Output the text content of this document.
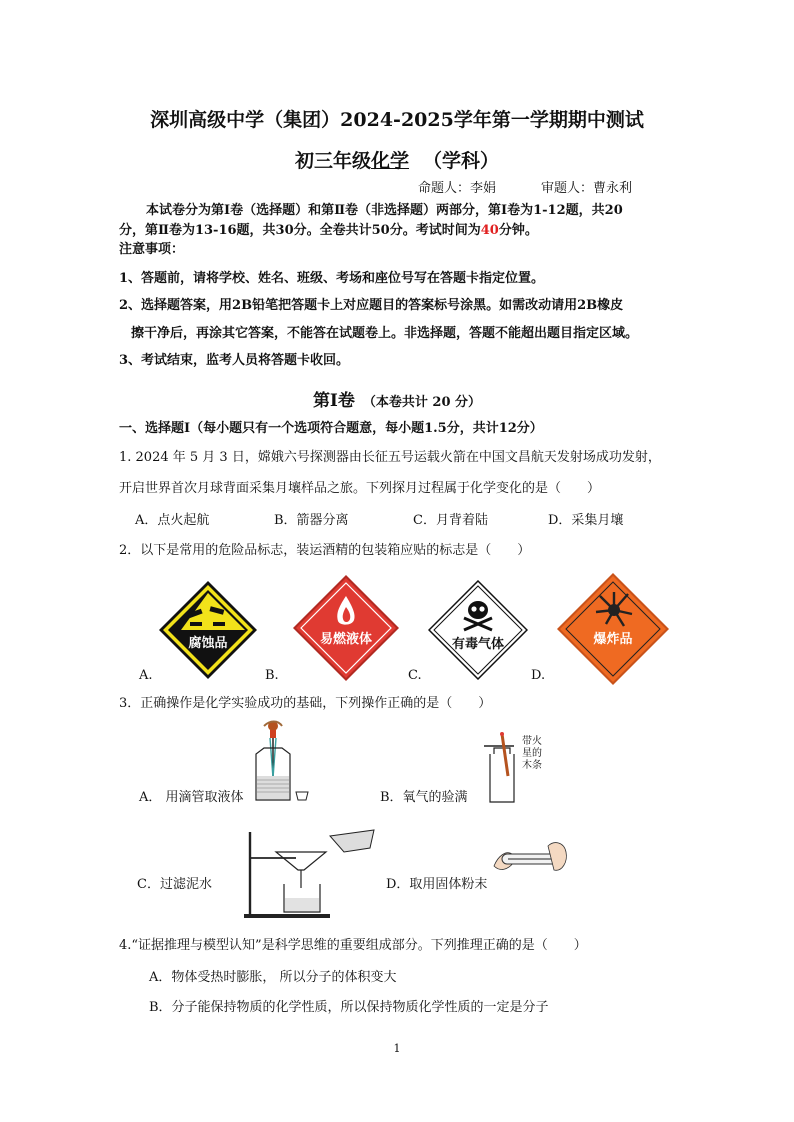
深圳高级中学（集团）2024-2025学年第一学期期中测试
初三年级化学 （学科）
命题人：李娟	审题人：曹永利
本试卷分为第Ⅰ卷（选择题）和第Ⅱ卷（非选择题）两部分，第Ⅰ卷为1-12题，共20
分，第Ⅱ卷为13-16题，共30分。全卷共计50分。考试时间为40分钟。
注意事项：
1、答题前，请将学校、姓名、班级、考场和座位号写在答题卡指定位置。
2、选择题答案，用2B铅笔把答题卡上对应题目的答案标号涂黑。如需改动请用2B橡皮
擦干净后，再涂其它答案，不能答在试题卷上。非选择题，答题不能超出题目指定区域。
3、考试结束，监考人员将答题卡收回。
第Ⅰ卷 （本卷共计 20 分）
一、选择题Ⅰ（每小题只有一个选项符合题意，每小题1.5分，共计12分）
1. 2024 年 5 月 3 日，嫦娥六号探测器由长征五号运载火箭在中国文昌航天发射场成功发射，
开启世界首次月球背面采集月壤样品之旅。下列探月过程属于化学变化的是（　　）
A．点火起航	B．箭器分离	C．月背着陆	D．采集月壤
2．以下是常用的危险品标志，装运酒精的包装箱应贴的标志是（　　）
腐蚀品	易燃液体	有毒气体	爆炸品
A.	B.	C.	D.
3．正确操作是化学实验成功的基础，下列操作正确的是（　　）
A． 用滴管取液体
带火
星的
木条
B．氧气的验满
C．过滤泥水	D．取用固体粉末
4.“证据推理与模型认知”是科学思维的重要组成部分。下列推理正确的是（　　）
A．物体受热时膨胀， 所以分子的体积变大
B．分子能保持物质的化学性质，所以保持物质化学性质的一定是分子
1
